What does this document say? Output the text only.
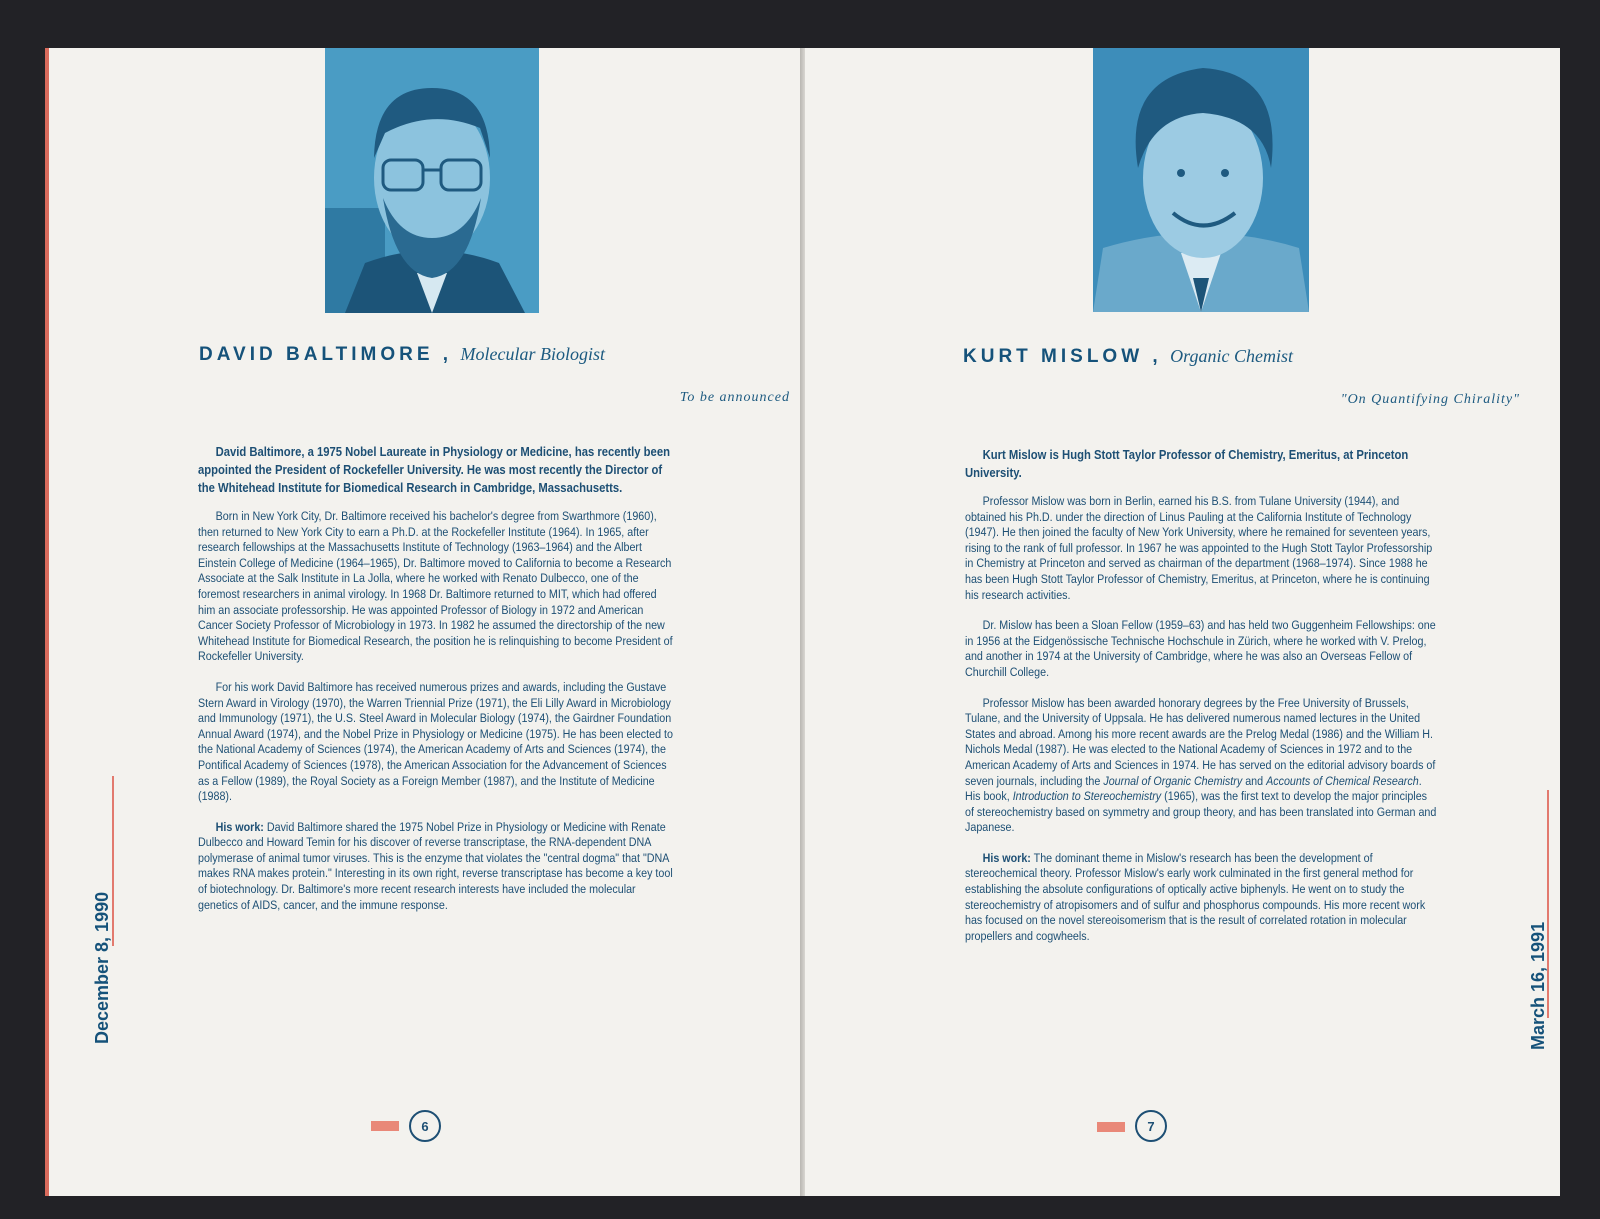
DAVID BALTIMORE , Molecular Biologist
To be announced

David Baltimore, a 1975 Nobel Laureate in Physiology or Medicine, has recently been appointed the President of Rockefeller University. He was most recently the Director of the Whitehead Institute for Biomedical Research in Cambridge, Massachusetts.

Born in New York City, Dr. Baltimore received his bachelor's degree from Swarthmore (1960), then returned to New York City to earn a Ph.D. at the Rockefeller Institute (1964). In 1965, after research fellowships at the Massachusetts Institute of Technology (1963–1964) and the Albert Einstein College of Medicine (1964–1965), Dr. Baltimore moved to California to become a Research Associate at the Salk Institute in La Jolla, where he worked with Renato Dulbecco, one of the foremost researchers in animal virology. In 1968 Dr. Baltimore returned to MIT, which had offered him an associate professorship. He was appointed Professor of Biology in 1972 and American Cancer Society Professor of Microbiology in 1973. In 1982 he assumed the directorship of the new Whitehead Institute for Biomedical Research, the position he is relinquishing to become President of Rockefeller University.

For his work David Baltimore has received numerous prizes and awards, including the Gustave Stern Award in Virology (1970), the Warren Triennial Prize (1971), the Eli Lilly Award in Microbiology and Immunology (1971), the U.S. Steel Award in Molecular Biology (1974), the Gairdner Foundation Annual Award (1974), and the Nobel Prize in Physiology or Medicine (1975). He has been elected to the National Academy of Sciences (1974), the American Academy of Arts and Sciences (1974), the Pontifical Academy of Sciences (1978), the American Association for the Advancement of Sciences as a Fellow (1989), the Royal Society as a Foreign Member (1987), and the Institute of Medicine (1988).

His work: David Baltimore shared the 1975 Nobel Prize in Physiology or Medicine with Renate Dulbecco and Howard Temin for his discover of reverse transcriptase, the RNA-dependent DNA polymerase of animal tumor viruses. This is the enzyme that violates the "central dogma" that "DNA makes RNA makes protein." Interesting in its own right, reverse transcriptase has become a key tool of biotechnology. Dr. Baltimore's more recent research interests have included the molecular genetics of AIDS, cancer, and the immune response.

December 8, 1990
6
KURT MISLOW , Organic Chemist
"On Quantifying Chirality"

Kurt Mislow is Hugh Stott Taylor Professor of Chemistry, Emeritus, at Princeton University.

Professor Mislow was born in Berlin, earned his B.S. from Tulane University (1944), and obtained his Ph.D. under the direction of Linus Pauling at the California Institute of Technology (1947). He then joined the faculty of New York University, where he remained for seventeen years, rising to the rank of full professor. In 1967 he was appointed to the Hugh Stott Taylor Professorship in Chemistry at Princeton and served as chairman of the department (1968–1974). Since 1988 he has been Hugh Stott Taylor Professor of Chemistry, Emeritus, at Princeton, where he is continuing his research activities.

Dr. Mislow has been a Sloan Fellow (1959–63) and has held two Guggenheim Fellowships: one in 1956 at the Eidgenössische Technische Hochschule in Zürich, where he worked with V. Prelog, and another in 1974 at the University of Cambridge, where he was also an Overseas Fellow of Churchill College.

Professor Mislow has been awarded honorary degrees by the Free University of Brussels, Tulane, and the University of Uppsala. He has delivered numerous named lectures in the United States and abroad. Among his more recent awards are the Prelog Medal (1986) and the William H. Nichols Medal (1987). He was elected to the National Academy of Sciences in 1972 and to the American Academy of Arts and Sciences in 1974. He has served on the editorial advisory boards of seven journals, including the Journal of Organic Chemistry and Accounts of Chemical Research. His book, Introduction to Stereochemistry (1965), was the first text to develop the major principles of stereochemistry based on symmetry and group theory, and has been translated into German and Japanese.

His work: The dominant theme in Mislow's research has been the development of stereochemical theory. Professor Mislow's early work culminated in the first general method for establishing the absolute configurations of optically active biphenyls. He went on to study the stereochemistry of atropisomers and of sulfur and phosphorus compounds. His more recent work has focused on the novel stereoisomerism that is the result of correlated rotation in molecular propellers and cogwheels.	March 16, 1991
7
